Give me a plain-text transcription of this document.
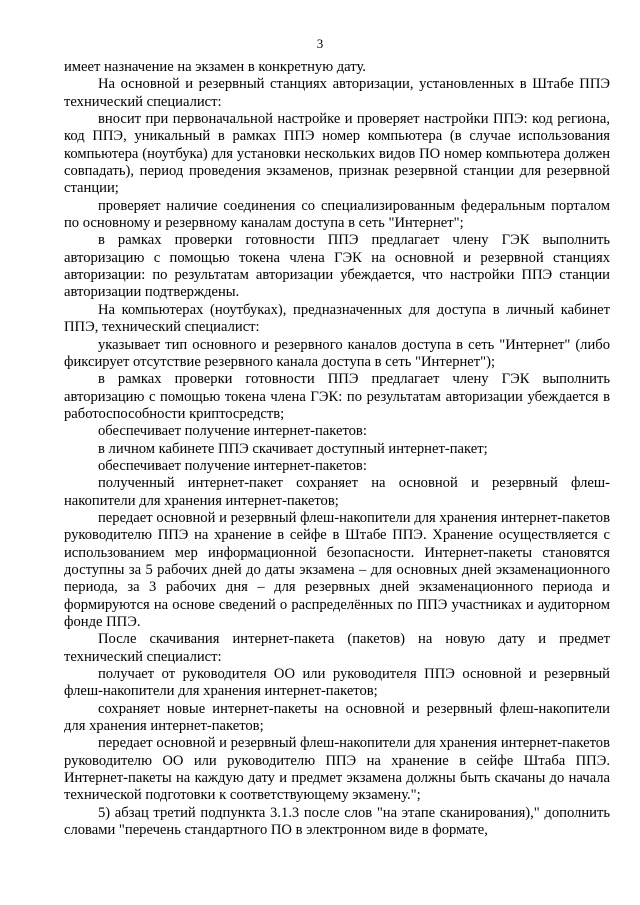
3

имеет назначение на экзамен в конкретную дату.

На основной и резервный станциях авторизации, установленных в Штабе ППЭ технический специалист:

вносит при первоначальной настройке и проверяет настройки ППЭ: код региона, код ППЭ, уникальный в рамках ППЭ номер компьютера (в случае использования компьютера (ноутбука) для установки нескольких видов ПО номер компьютера должен совпадать), период проведения экзаменов, признак резервной станции для резервной станции;

проверяет наличие соединения со специализированным федеральным порталом по основному и резервному каналам доступа в сеть "Интернет";

в рамках проверки готовности ППЭ предлагает члену ГЭК выполнить авторизацию с помощью токена члена ГЭК на основной и резервной станциях авторизации: по результатам авторизации убеждается, что настройки ППЭ станции авторизации подтверждены.

На компьютерах (ноутбуках), предназначенных для доступа в личный кабинет ППЭ, технический специалист:

указывает тип основного и резервного каналов доступа в сеть "Интернет" (либо фиксирует отсутствие резервного канала доступа в сеть "Интернет");

в рамках проверки готовности ППЭ предлагает члену ГЭК выполнить авторизацию с помощью токена члена ГЭК: по результатам авторизации убеждается в работоспособности криптосредств;

обеспечивает получение интернет-пакетов:

в личном кабинете ППЭ скачивает доступный интернет-пакет;

обеспечивает получение интернет-пакетов:

полученный интернет-пакет сохраняет на основной и резервный флеш-накопители для хранения интернет-пакетов;

передает основной и резервный флеш-накопители для хранения интернет-пакетов руководителю ППЭ на хранение в сейфе в Штабе ППЭ. Хранение осуществляется с использованием мер информационной безопасности. Интернет-пакеты становятся доступны за 5 рабочих дней до даты экзамена – для основных дней экзаменационного периода, за 3 рабочих дня – для резервных дней экзаменационного периода и формируются на основе сведений о распределённых по ППЭ участниках и аудиторном фонде ППЭ.

После скачивания интернет-пакета (пакетов) на новую дату и предмет технический специалист:

получает от руководителя ОО или руководителя ППЭ основной и резервный флеш-накопители для хранения интернет-пакетов;

сохраняет новые интернет-пакеты на основной и резервный флеш-накопители для хранения интернет-пакетов;

передает основной и резервный флеш-накопители для хранения интернет-пакетов руководителю ОО или руководителю ППЭ на хранение в сейфе Штаба ППЭ. Интернет-пакеты на каждую дату и предмет экзамена должны быть скачаны до начала технической подготовки к соответствующему экзамену.";

5) абзац третий подпункта 3.1.3 после слов "на этапе сканирования)," дополнить словами "перечень стандартного ПО в электронном виде в формате,
